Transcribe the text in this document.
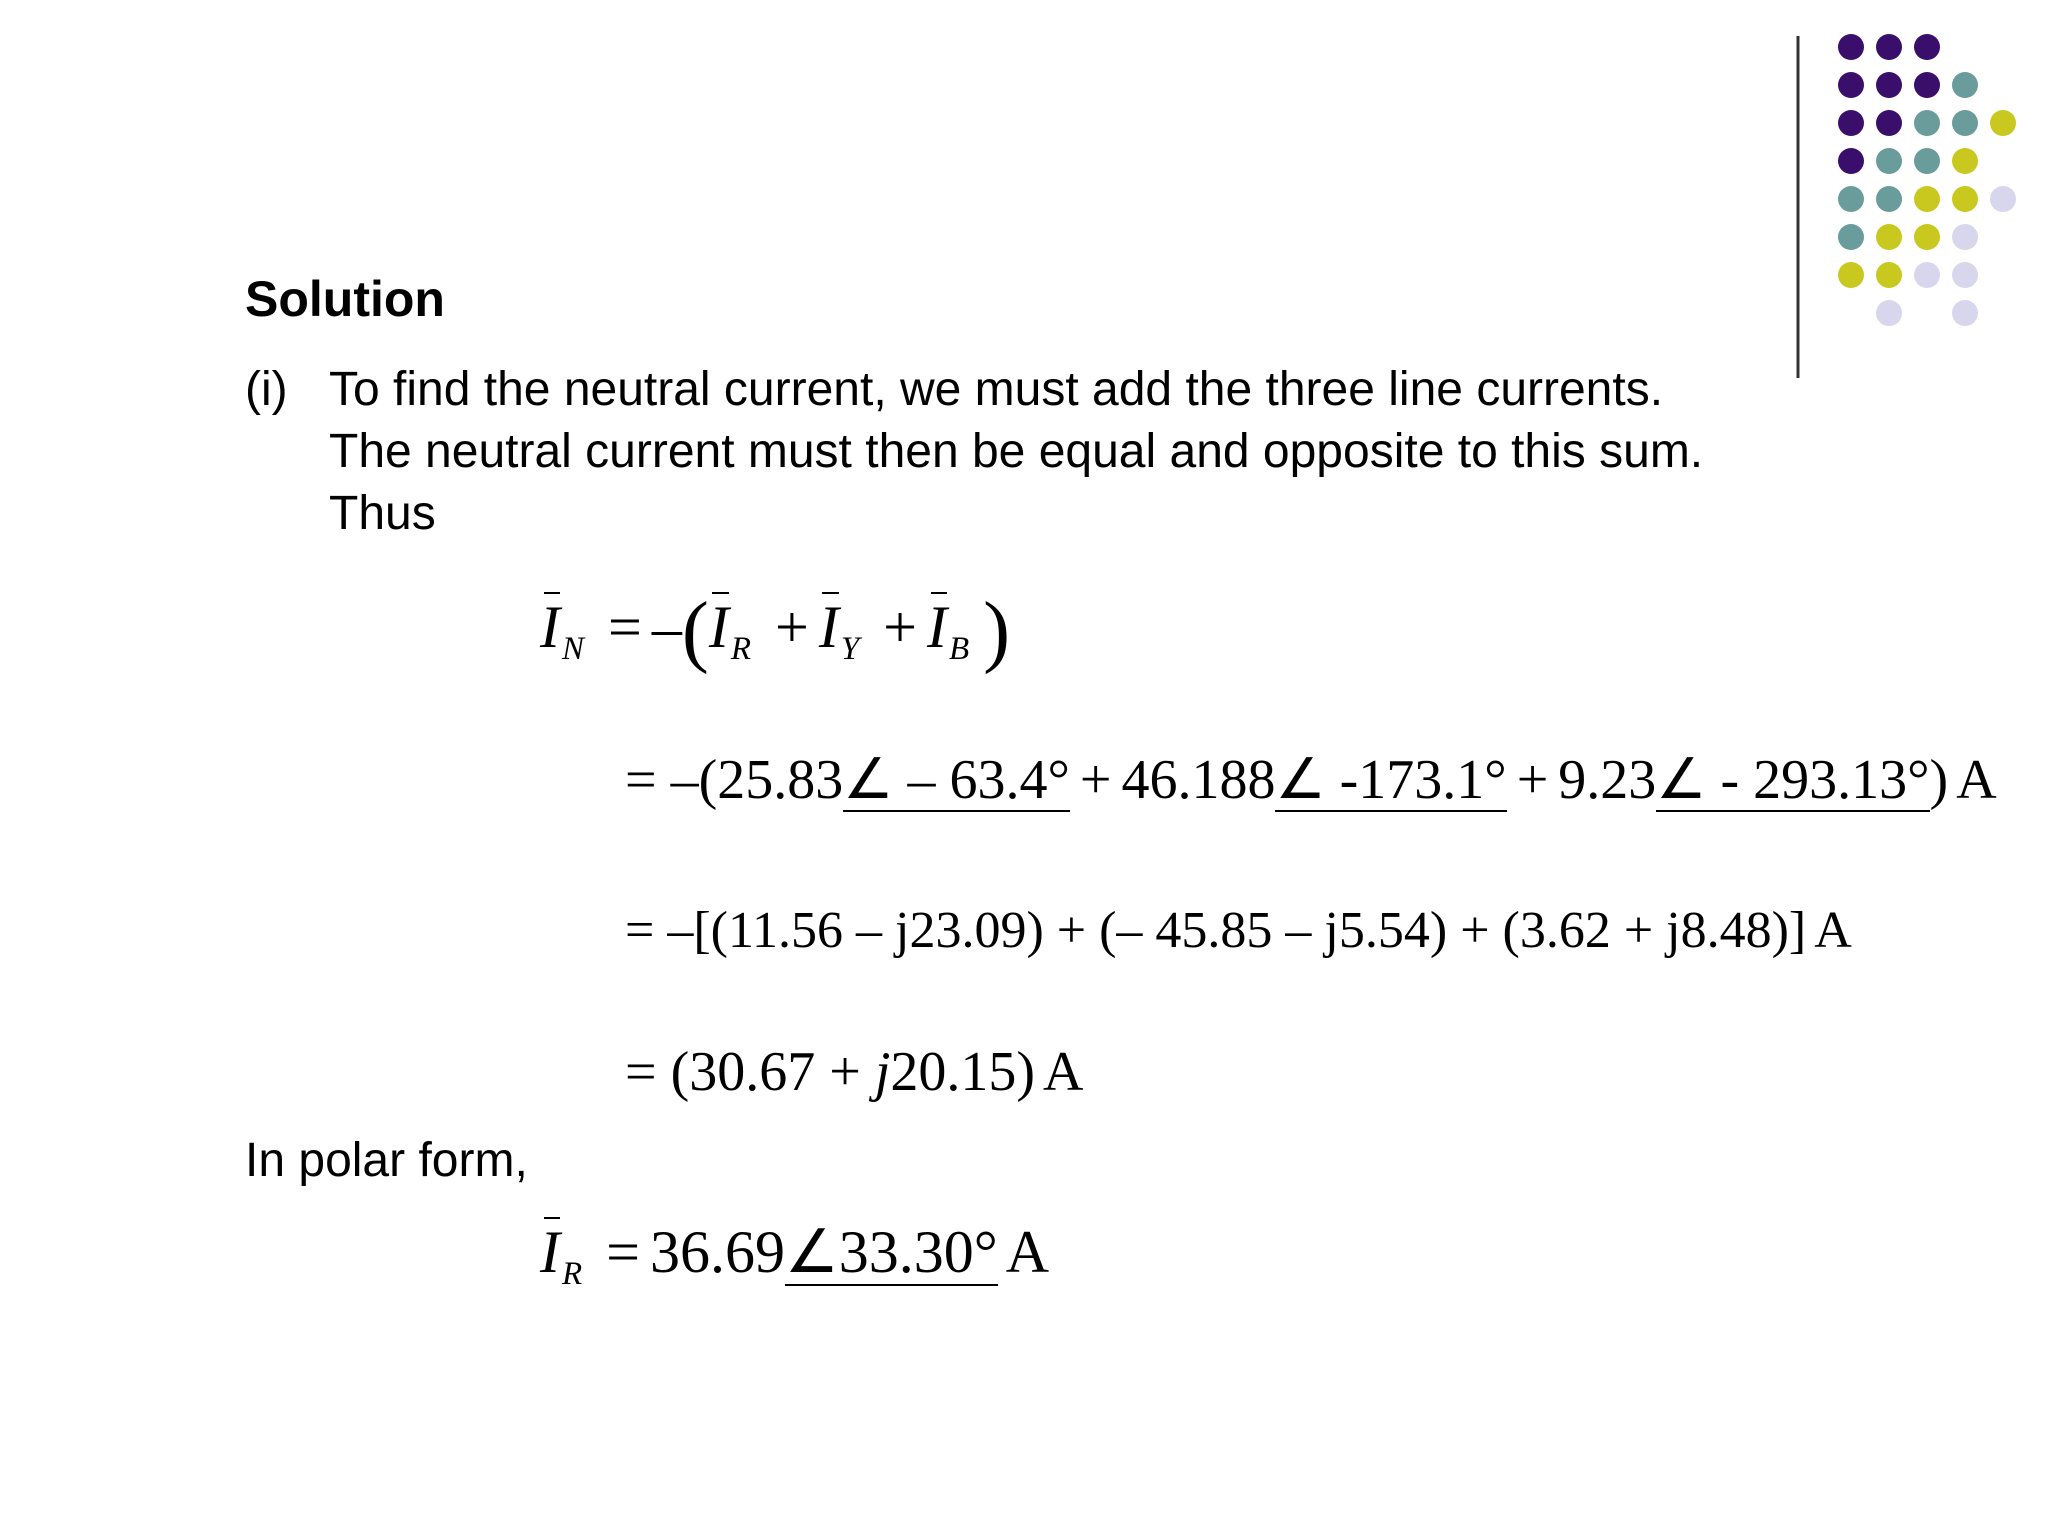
Solution
(i) To find the neutral current, we must add the three line currents.
The neutral current must then be equal and opposite to this sum.
Thus
$I_N = -(I_R + I_Y + I_B$ )
= –(25.83∠ – 63.4° + 46.188∠ -173.1° + 9.23∠ - 293.13°) A
= –[(11.56 – j23.09) + (– 45.85 – j5.54) + (3.62 + j8.48)] A
= (30.67 + j20.15) A
In polar form,
$I_R$ = 36.69∠33.30° A
